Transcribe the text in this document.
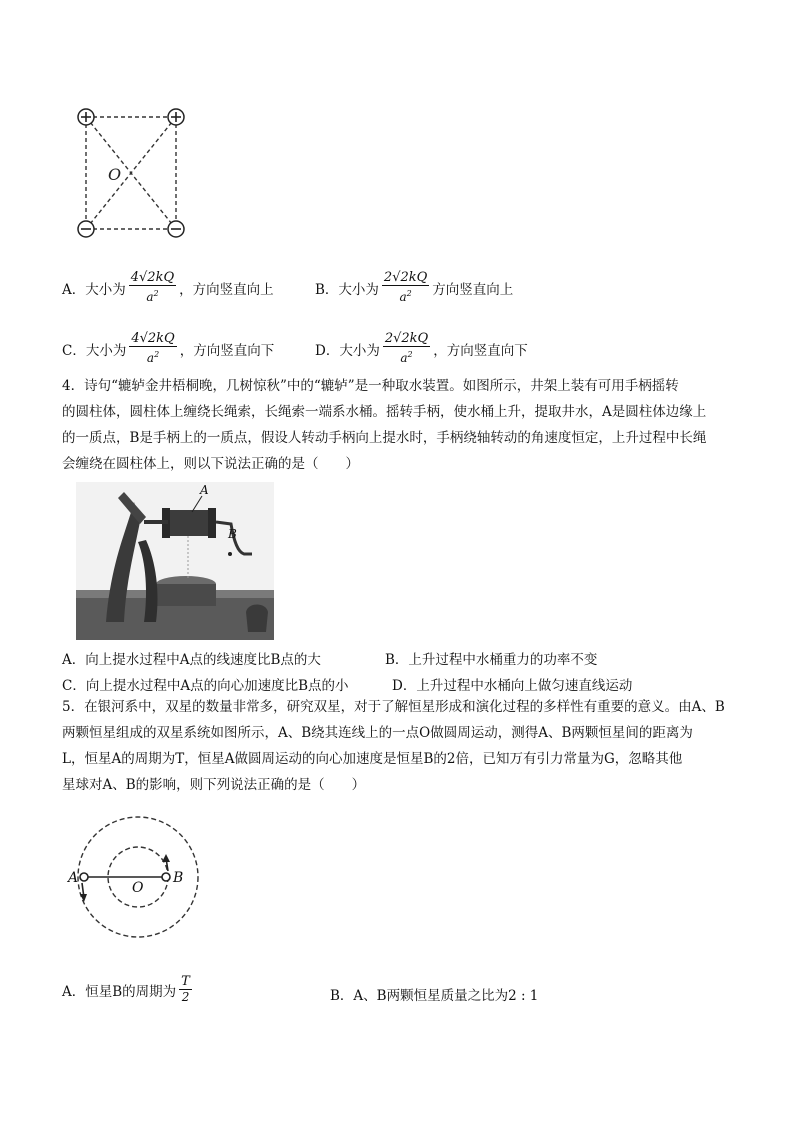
O
A．大小为 $\frac{4√2kQ}{a^2}$ ，方向竖直向上	B．大小为 $\frac{2√2kQ}{a^2}$ 方向竖直向上
C．大小为 $\frac{4√2kQ}{a^2}$ ，方向竖直向下	D．大小为 $\frac{2√2kQ}{a^2}$ ，方向竖直向下
4．诗句“辘轳金井梧桐晚，几树惊秋”中的“辘轳”是一种取水装置。如图所示，井架上装有可用手柄摇转
的圆柱体，圆柱体上缠绕长绳索，长绳索一端系水桶。摇转手柄，使水桶上升，提取井水，A是圆柱体边缘上
的一质点，B是手柄上的一质点，假设人转动手柄向上提水时，手柄绕轴转动的角速度恒定，上升过程中长绳
会缠绕在圆柱体上，则以下说法正确的是（　　）
A
B
A．向上提水过程中A点的线速度比B点的大	B．上升过程中水桶重力的功率不变
C．向上提水过程中A点的向心加速度比B点的小	D．上升过程中水桶向上做匀速直线运动
5．在银河系中，双星的数量非常多，研究双星，对于了解恒星形成和演化过程的多样性有重要的意义。由A、B
两颗恒星组成的双星系统如图所示，A、B绕其连线上的一点O做圆周运动，测得A、B两颗恒星间的距离为
L，恒星A的周期为T，恒星A做圆周运动的向心加速度是恒星B的2倍，已知万有引力常量为G，忽略其他
星球对A、B的影响，则下列说法正确的是（　　）
A
O
B
A．恒星B的周期为 $\frac{T}{2}$	B．A、B两颗恒星质量之比为2 : 1
